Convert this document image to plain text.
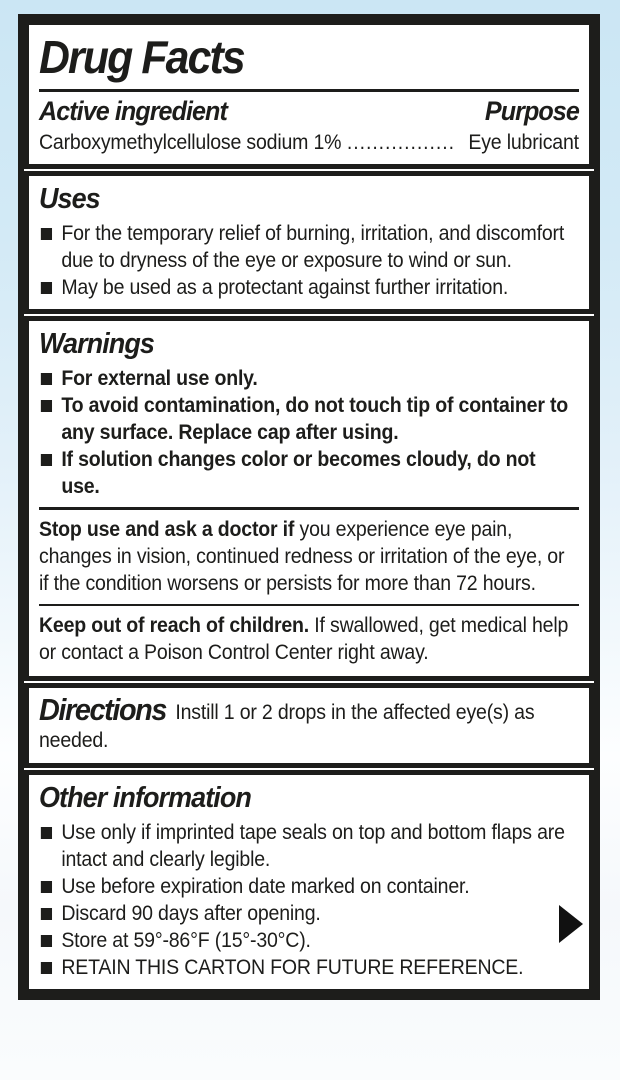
Drug Facts
Active ingredient	Purpose
Carboxymethylcellulose sodium 1% ................. Eye lubricant
Uses
For the temporary relief of burning, irritation, and discomfort due to dryness of the eye or exposure to wind or sun.
May be used as a protectant against further irritation.
Warnings
For external use only.
To avoid contamination, do not touch tip of container to any surface. Replace cap after using.
If solution changes color or becomes cloudy, do not use.

Stop use and ask a doctor if you experience eye pain, changes in vision, continued redness or irritation of the eye, or if the condition worsens or persists for more than 72 hours.

Keep out of reach of children. If swallowed, get medical help or contact a Poison Control Center right away.

Directions Instill 1 or 2 drops in the affected eye(s) as needed.
Other information
Use only if imprinted tape seals on top and bottom flaps are intact and clearly legible.
Use before expiration date marked on container.
Discard 90 days after opening.
Store at 59°-86°F (15°-30°C).
RETAIN THIS CARTON FOR FUTURE REFERENCE.
